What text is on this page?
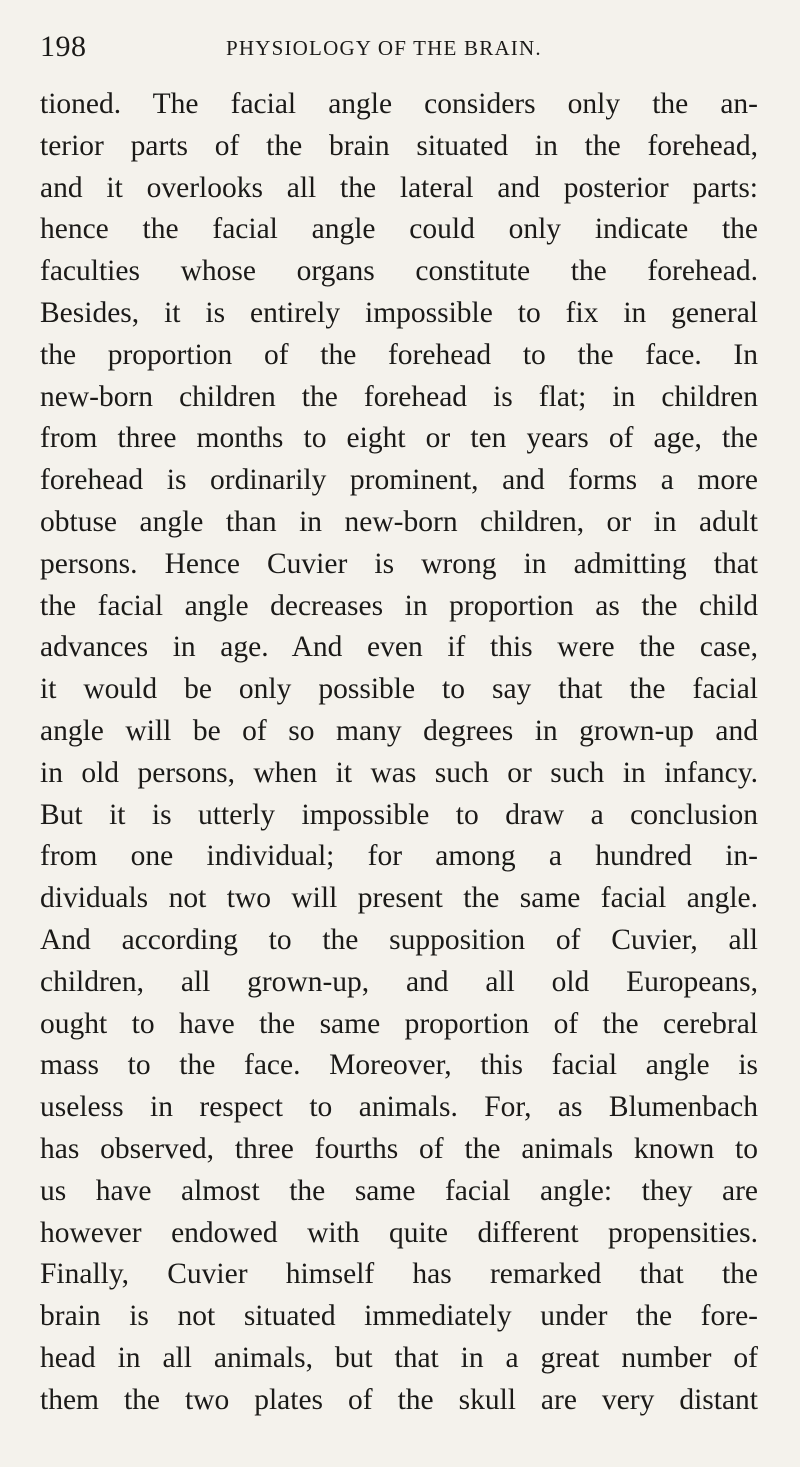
198	PHYSIOLOGY OF THE BRAIN.
tioned. The facial angle considers only the an-
terior parts of the brain situated in the forehead,
and it overlooks all the lateral and posterior parts:
hence the facial angle could only indicate the
faculties whose organs constitute the forehead.
Besides, it is entirely impossible to fix in general
the proportion of the forehead to the face. In
new-born children the forehead is flat; in children
from three months to eight or ten years of age, the
forehead is ordinarily prominent, and forms a more
obtuse angle than in new-born children, or in adult
persons. Hence Cuvier is wrong in admitting that
the facial angle decreases in proportion as the child
advances in age. And even if this were the case,
it would be only possible to say that the facial
angle will be of so many degrees in grown-up and
in old persons, when it was such or such in infancy.
But it is utterly impossible to draw a conclusion
from one individual; for among a hundred in-
dividuals not two will present the same facial angle.
And according to the supposition of Cuvier, all
children, all grown-up, and all old Europeans,
ought to have the same proportion of the cerebral
mass to the face. Moreover, this facial angle is
useless in respect to animals. For, as Blumenbach
has observed, three fourths of the animals known to
us have almost the same facial angle: they are
however endowed with quite different propensities.
Finally, Cuvier himself has remarked that the
brain is not situated immediately under the fore-
head in all animals, but that in a great number of
them the two plates of the skull are very distant
